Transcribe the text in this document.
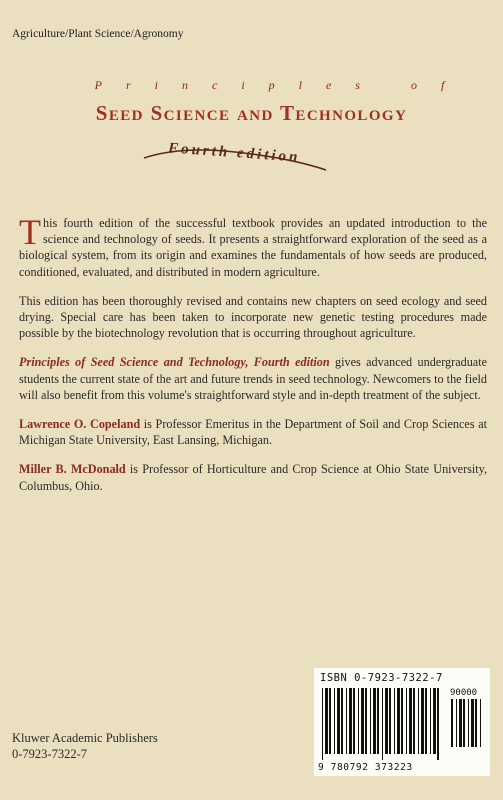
Agriculture/Plant Science/Agronomy
Principles of
Seed Science and Technology
Fourth edition

This fourth edition of the successful textbook provides an updated introduction to the science and technology of seeds. It presents a straightforward exploration of the seed as a biological system, from its origin and examines the fundamentals of how seeds are produced, conditioned, evaluated, and distributed in modern agriculture.

This edition has been thoroughly revised and contains new chapters on seed ecology and seed drying. Special care has been taken to incorporate new genetic testing procedures made possible by the biotechnology revolution that is occurring throughout agriculture.

Principles of Seed Science and Technology, Fourth edition gives advanced undergraduate students the current state of the art and future trends in seed technology. Newcomers to the field will also benefit from this volume's straightforward style and in-depth treatment of the subject.

Lawrence O. Copeland is Professor Emeritus in the Department of Soil and Crop Sciences at Michigan State University, East Lansing, Michigan.

Miller B. McDonald is Professor of Horticulture and Crop Science at Ohio State University, Columbus, Ohio.

Kluwer Academic Publishers
0-7923-7322-7
ISBN 0-7923-7322-7
90000
9 780792 373223
